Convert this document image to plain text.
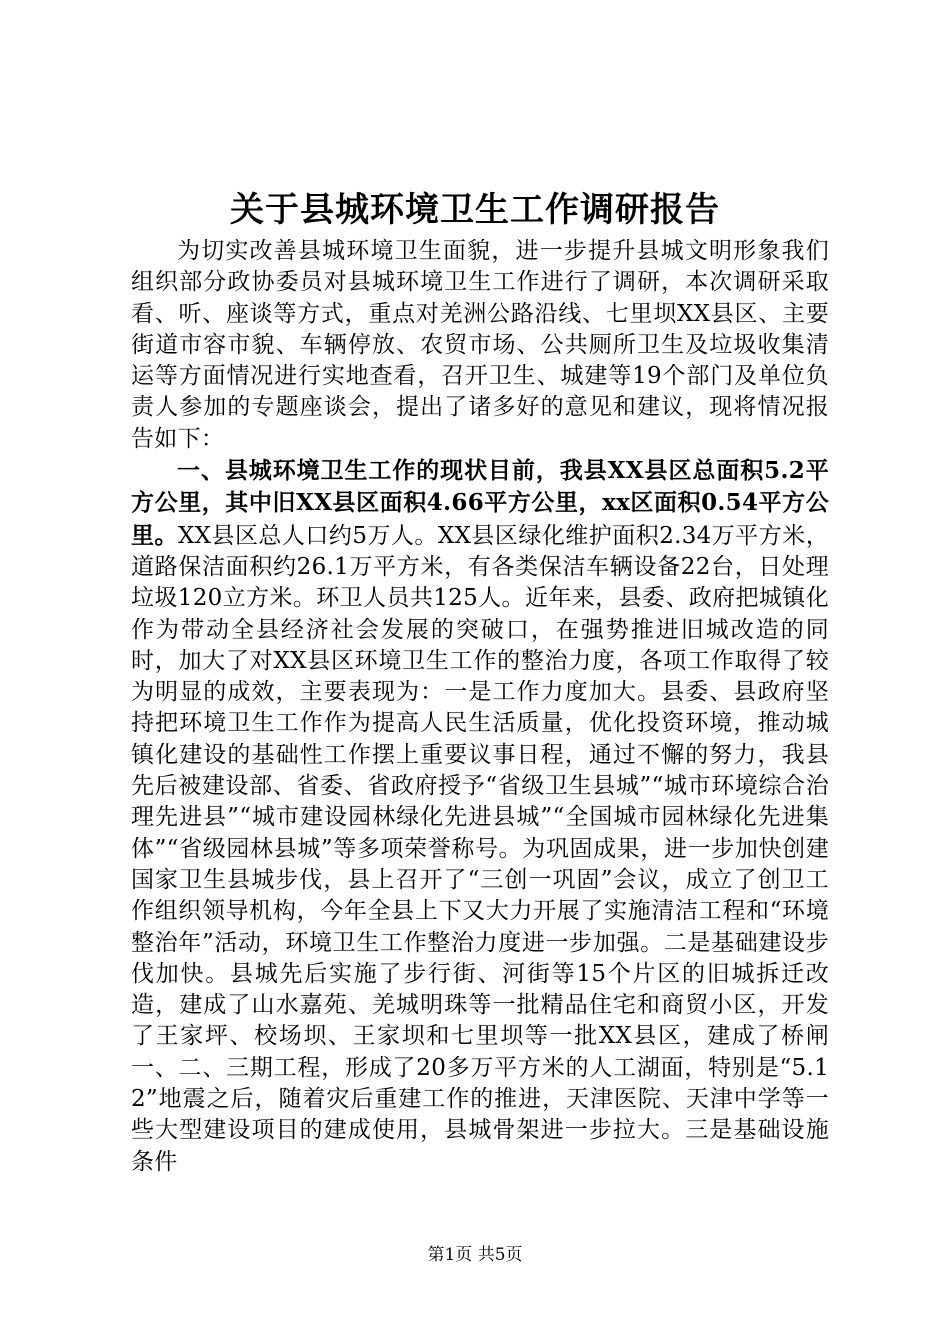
关于县城环境卫生工作调研报告

为切实改善县城环境卫生面貌，进一步提升县城文明形象我们组织部分政协委员对县城环境卫生工作进行了调研，本次调研采取看、听、座谈等方式，重点对羌洲公路沿线、七里坝XX县区、主要街道市容市貌、车辆停放、农贸市场、公共厕所卫生及垃圾收集清运等方面情况进行实地查看，召开卫生、城建等19个部门及单位负责人参加的专题座谈会，提出了诸多好的意见和建议，现将情况报告如下：

一、县城环境卫生工作的现状目前，我县XX县区总面积5.2平方公里，其中旧XX县区面积4.66平方公里，xx区面积0.54平方公里。XX县区总人口约5万人。XX县区绿化维护面积2.34万平方米，道路保洁面积约26.1万平方米，有各类保洁车辆设备22台，日处理垃圾120立方米。环卫人员共125人。近年来，县委、政府把城镇化作为带动全县经济社会发展的突破口，在强势推进旧城改造的同时，加大了对XX县区环境卫生工作的整治力度，各项工作取得了较为明显的成效，主要表现为：一是工作力度加大。县委、县政府坚持把环境卫生工作作为提高人民生活质量，优化投资环境，推动城镇化建设的基础性工作摆上重要议事日程，通过不懈的努力，我县先后被建设部、省委、省政府授予“省级卫生县城”“城市环境综合治理先进县”“城市建设园林绿化先进县城”“全国城市园林绿化先进集体”“省级园林县城”等多项荣誉称号。为巩固成果，进一步加快创建国家卫生县城步伐，县上召开了“三创一巩固”会议，成立了创卫工作组织领导机构，今年全县上下又大力开展了实施清洁工程和“环境整治年”活动，环境卫生工作整治力度进一步加强。二是基础建设步伐加快。县城先后实施了步行街、河街等15个片区的旧城拆迁改造，建成了山水嘉苑、羌城明珠等一批精品住宅和商贸小区，开发了王家坪、校场坝、王家坝和七里坝等一批XX县区，建成了桥闸一、二、三期工程，形成了20多万平方米的人工湖面，特别是“5.12”地震之后，随着灾后重建工作的推进，天津医院、天津中学等一些大型建设项目的建成使用，县城骨架进一步拉大。三是基础设施条件

第1页 共5页
